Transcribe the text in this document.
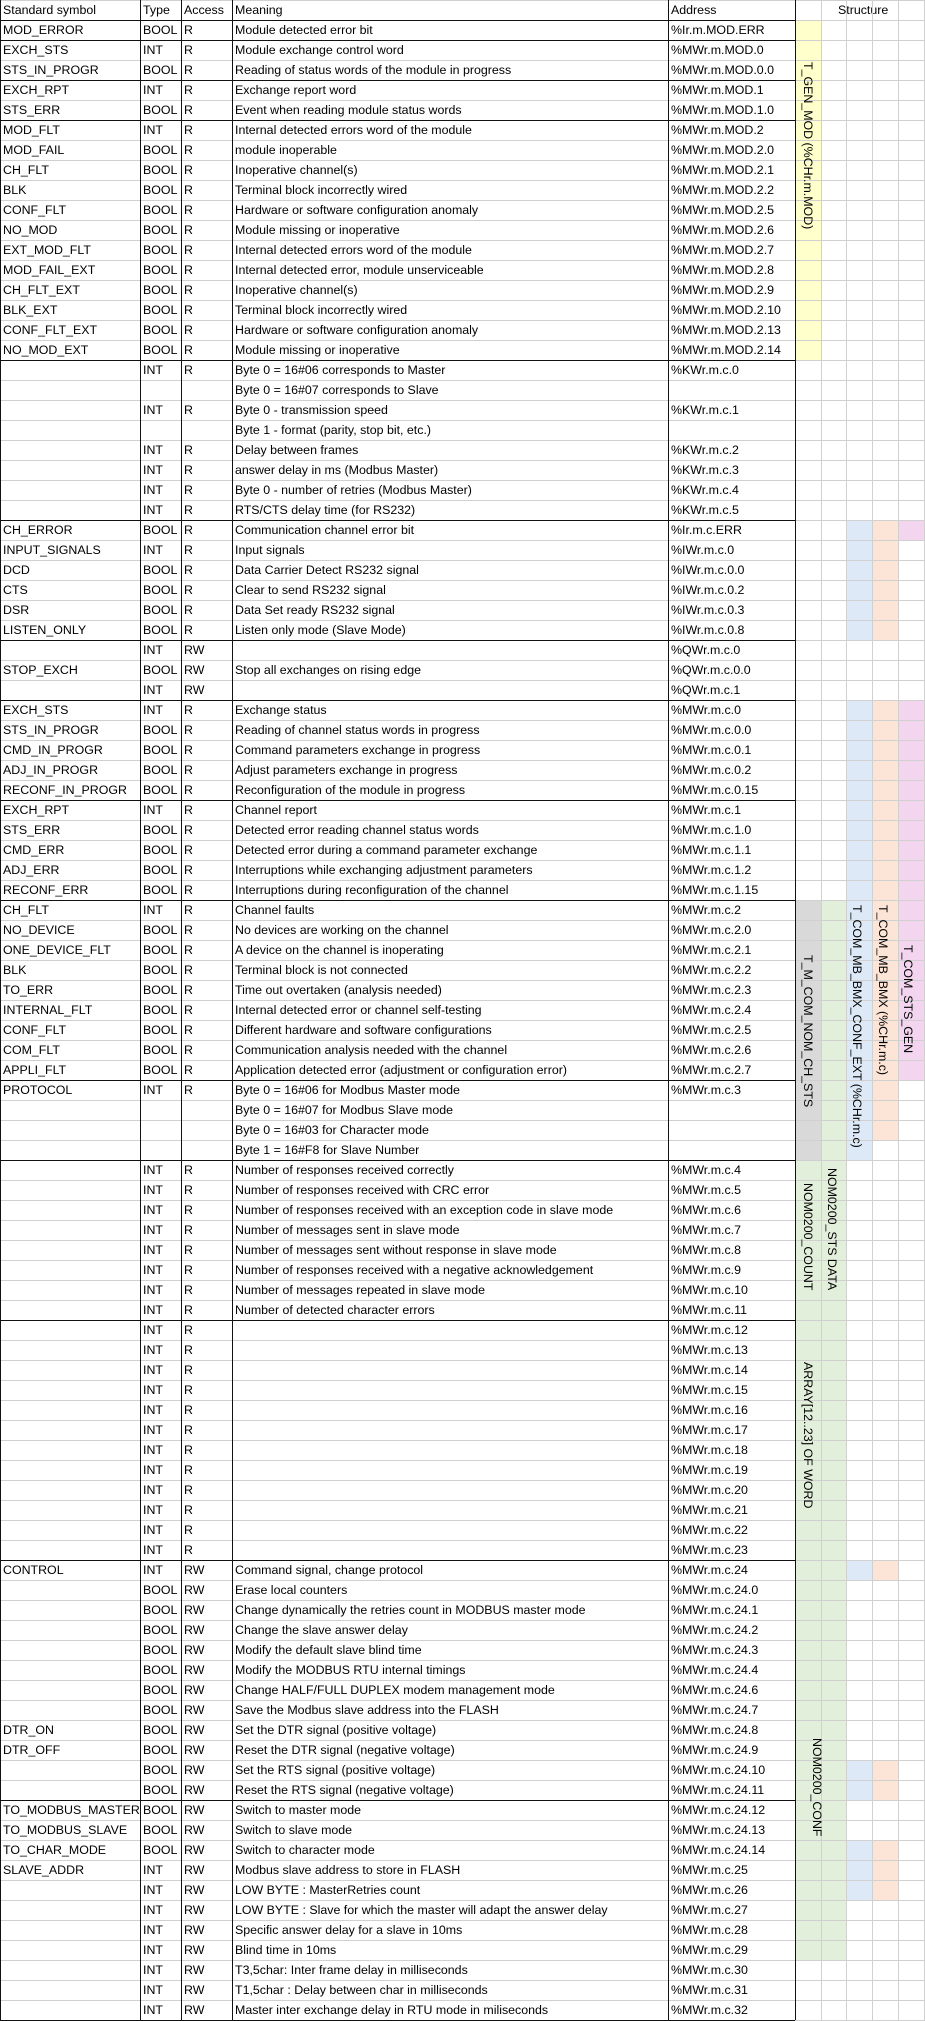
Standard symbol	Type Access Meaning	Address	Structure
MOD_ERROR	BOOL R	Module detected error bit	%Ir.m.MOD.ERR
EXCH_STS	INT R	Module exchange control word	%MWr.m.MOD.0
STS_IN_PROGR	BOOL R	Reading of status words of the module in progress	%MWr.m.MOD.0.0
EXCH_RPT	INT R	Exchange report word	%MWr.m.MOD.1
STS_ERR	BOOL R	Event when reading module status words	%MWr.m.MOD.1.0
MOD_FLT	INT R	Internal detected errors word of the module	%MWr.m.MOD.2
MOD_FAIL	BOOL R	module inoperable	%MWr.m.MOD.2.0
CH_FLT	BOOL R	Inoperative channel(s)	%MWr.m.MOD.2.1
BLK	BOOL R	Terminal block incorrectly wired	%MWr.m.MOD.2.2
CONF_FLT	BOOL R	Hardware or software configuration anomaly	%MWr.m.MOD.2.5
NO_MOD	BOOL R	Module missing or inoperative	%MWr.m.MOD.2.6
EXT_MOD_FLT	BOOL R	Internal detected errors word of the module	%MWr.m.MOD.2.7
MOD_FAIL_EXT	BOOL R	Internal detected error, module unserviceable	%MWr.m.MOD.2.8
CH_FLT_EXT	BOOL R	Inoperative channel(s)	%MWr.m.MOD.2.9
BLK_EXT	BOOL R	Terminal block incorrectly wired	%MWr.m.MOD.2.10
CONF_FLT_EXT	BOOL R	Hardware or software configuration anomaly	%MWr.m.MOD.2.13
NO_MOD_EXT	BOOL R	Module missing or inoperative	%MWr.m.MOD.2.14
INT R	Byte 0 = 16#06 corresponds to Master	%KWr.m.c.0
Byte 0 = 16#07 corresponds to Slave
INT R	Byte 0 - transmission speed	%KWr.m.c.1
Byte 1 - format (parity, stop bit, etc.)
INT R	Delay between frames	%KWr.m.c.2
INT R	answer delay in ms (Modbus Master)	%KWr.m.c.3
INT R	Byte 0 - number of retries (Modbus Master)	%KWr.m.c.4
INT R	RTS/CTS delay time (for RS232)	%KWr.m.c.5
CH_ERROR	BOOL R	Communication channel error bit	%Ir.m.c.ERR
INPUT_SIGNALS	INT R	Input signals	%IWr.m.c.0
DCD	BOOL R	Data Carrier Detect RS232 signal	%IWr.m.c.0.0
CTS	BOOL R	Clear to send RS232 signal	%IWr.m.c.0.2
DSR	BOOL R	Data Set ready RS232 signal	%IWr.m.c.0.3
LISTEN_ONLY	BOOL R	Listen only mode (Slave Mode)	%IWr.m.c.0.8
INT RW	%QWr.m.c.0
STOP_EXCH	BOOL RW Stop all exchanges on rising edge	%QWr.m.c.0.0
INT RW	%QWr.m.c.1
EXCH_STS	INT R	Exchange status	%MWr.m.c.0
STS_IN_PROGR	BOOL R	Reading of channel status words in progress	%MWr.m.c.0.0
CMD_IN_PROGR	BOOL R	Command parameters exchange in progress	%MWr.m.c.0.1
ADJ_IN_PROGR	BOOL R	Adjust parameters exchange in progress	%MWr.m.c.0.2
RECONF_IN_PROGR BOOL R	Reconfiguration of the module in progress	%MWr.m.c.0.15
EXCH_RPT	INT R	Channel report	%MWr.m.c.1
STS_ERR	BOOL R	Detected error reading channel status words	%MWr.m.c.1.0
CMD_ERR	BOOL R	Detected error during a command parameter exchange	%MWr.m.c.1.1
ADJ_ERR	BOOL R	Interruptions while exchanging adjustment parameters	%MWr.m.c.1.2
RECONF_ERR	BOOL R	Interruptions during reconfiguration of the channel	%MWr.m.c.1.15
CH_FLT	INT R	Channel faults	%MWr.m.c.2
NO_DEVICE	BOOL R	No devices are working on the channel	%MWr.m.c.2.0
ONE_DEVICE_FLT	BOOL R	A device on the channel is inoperating	%MWr.m.c.2.1
BLK	BOOL R	Terminal block is not connected	%MWr.m.c.2.2
TO_ERR	BOOL R	Time out overtaken (analysis needed)	%MWr.m.c.2.3
INTERNAL_FLT	BOOL R	Internal detected error or channel self-testing	%MWr.m.c.2.4
CONF_FLT	BOOL R	Different hardware and software configurations	%MWr.m.c.2.5
COM_FLT	BOOL R	Communication analysis needed with the channel	%MWr.m.c.2.6
APPLI_FLT	BOOL R	Application detected error (adjustment or configuration error)	%MWr.m.c.2.7
PROTOCOL	INT R	Byte 0 = 16#06 for Modbus Master mode	%MWr.m.c.3
Byte 0 = 16#07 for Modbus Slave mode
Byte 0 = 16#03 for Character mode
Byte 1 = 16#F8 for Slave Number
INT R	Number of responses received correctly	%MWr.m.c.4
INT R	Number of responses received with CRC error	%MWr.m.c.5
INT R	Number of responses received with an exception code in slave mode	%MWr.m.c.6
INT R	Number of messages sent in slave mode	%MWr.m.c.7
INT R	Number of messages sent without response in slave mode	%MWr.m.c.8
INT R	Number of responses received with a negative acknowledgement	%MWr.m.c.9
INT R	Number of messages repeated in slave mode	%MWr.m.c.10
INT R	Number of detected character errors	%MWr.m.c.11
INT R	%MWr.m.c.12
INT R	%MWr.m.c.13
INT R	%MWr.m.c.14
INT R	%MWr.m.c.15
INT R	%MWr.m.c.16
INT R	%MWr.m.c.17
INT R	%MWr.m.c.18
INT R	%MWr.m.c.19
INT R	%MWr.m.c.20
INT R	%MWr.m.c.21
INT R	%MWr.m.c.22
INT R	%MWr.m.c.23
CONTROL	INT RW Command signal, change protocol	%MWr.m.c.24
BOOL RW Erase local counters	%MWr.m.c.24.0
BOOL RW Change dynamically the retries count in MODBUS master mode	%MWr.m.c.24.1
BOOL RW Change the slave answer delay	%MWr.m.c.24.2
BOOL RW Modify the default slave blind time	%MWr.m.c.24.3
BOOL RW Modify the MODBUS RTU internal timings	%MWr.m.c.24.4
BOOL RW Change HALF/FULL DUPLEX modem management mode	%MWr.m.c.24.6
BOOL RW Save the Modbus slave address into the FLASH	%MWr.m.c.24.7
DTR_ON	BOOL RW Set the DTR signal (positive voltage)	%MWr.m.c.24.8
DTR_OFF	BOOL RW Reset the DTR signal (negative voltage)	%MWr.m.c.24.9
BOOL RW Set the RTS signal (positive voltage)	%MWr.m.c.24.10
BOOL RW Reset the RTS signal (negative voltage)	%MWr.m.c.24.11
TO_MODBUS_MASTER BOOL RW Switch to master mode	%MWr.m.c.24.12
TO_MODBUS_SLAVE BOOL RW Switch to slave mode	%MWr.m.c.24.13
TO_CHAR_MODE	BOOL RW Switch to character mode	%MWr.m.c.24.14
SLAVE_ADDR	INT RW Modbus slave address to store in FLASH	%MWr.m.c.25
INT RW LOW BYTE : MasterRetries count	%MWr.m.c.26
INT RW LOW BYTE : Slave for which the master will adapt the answer delay	%MWr.m.c.27
INT RW Specific answer delay for a slave in 10ms	%MWr.m.c.28
INT RW Blind time in 10ms	%MWr.m.c.29
INT RW T3,5char: Inter frame delay in milliseconds	%MWr.m.c.30
INT RW T1,5char : Delay between char in milliseconds	%MWr.m.c.31
INT RW Master inter exchange delay in RTU mode in miliseconds	%MWr.m.c.32
T_GEN_MOD (%CHr.m.MOD)
T_M_COM_NOM_CH_STS
NOM0200_COUNT
ARRAY[12..23] OF WORD
NOM0200_STS DATA
NOM0200_CONF
T_COM_MB_BMX_CONF_EXT (%CHr.m.c) T_COM_MB_BMX (%CHr.m.c) T_COM_STS_GEN
